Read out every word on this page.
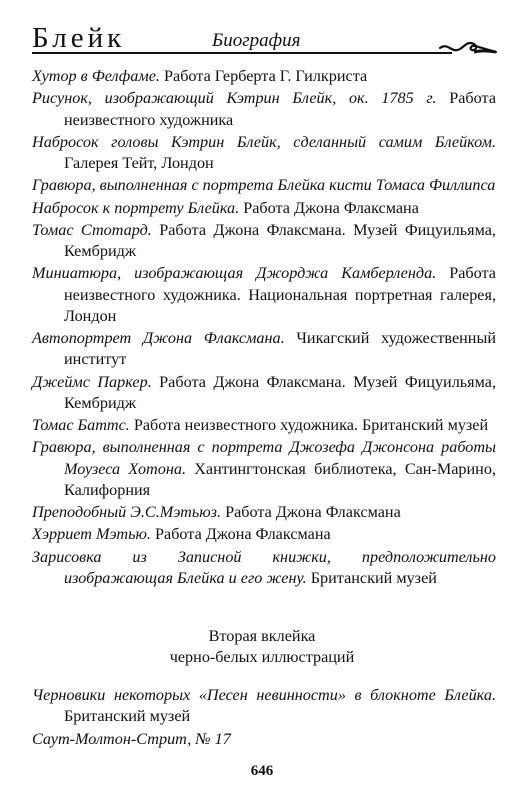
Блейк	Биография

Хутор в Фелфаме. Работа Герберта Г. Гилкриста

Рисунок, изображающий Кэтрин Блейк, ок. 1785 г. Работа неизвестного художника

Набросок головы Кэтрин Блейк, сделанный самим Блейком. Галерея Тейт, Лондон

Гравюра, выполненная с портрета Блейка кисти Томаса Филлипса

Набросок к портрету Блейка. Работа Джона Флаксмана

Томас Стотард. Работа Джона Флаксмана. Музей Фицуильяма, Кембридж

Миниатюра, изображающая Джорджа Камберленда. Работа неизвестного художника. Национальная портретная галерея, Лондон

Автопортрет Джона Флаксмана. Чикагский художественный институт

Джеймс Паркер. Работа Джона Флаксмана. Музей Фицуильяма, Кембридж

Томас Баттс. Работа неизвестного художника. Британский музей

Гравюра, выполненная с портрета Джозефа Джонсона работы Моузеса Хотона. Хантингтонская библиотека, Сан-Марино, Калифорния

Преподобный Э.С.Мэтьюз. Работа Джона Флаксмана

Хэрриет Мэтью. Работа Джона Флаксмана

Зарисовка из Записной книжки, предположительно изображающая Блейка и его жену. Британский музей

Вторая вклейка
черно-белых иллюстраций

Черновики некоторых «Песен невинности» в блокноте Блейка. Британский музей

Саут-Молтон-Стрит, № 17

646
